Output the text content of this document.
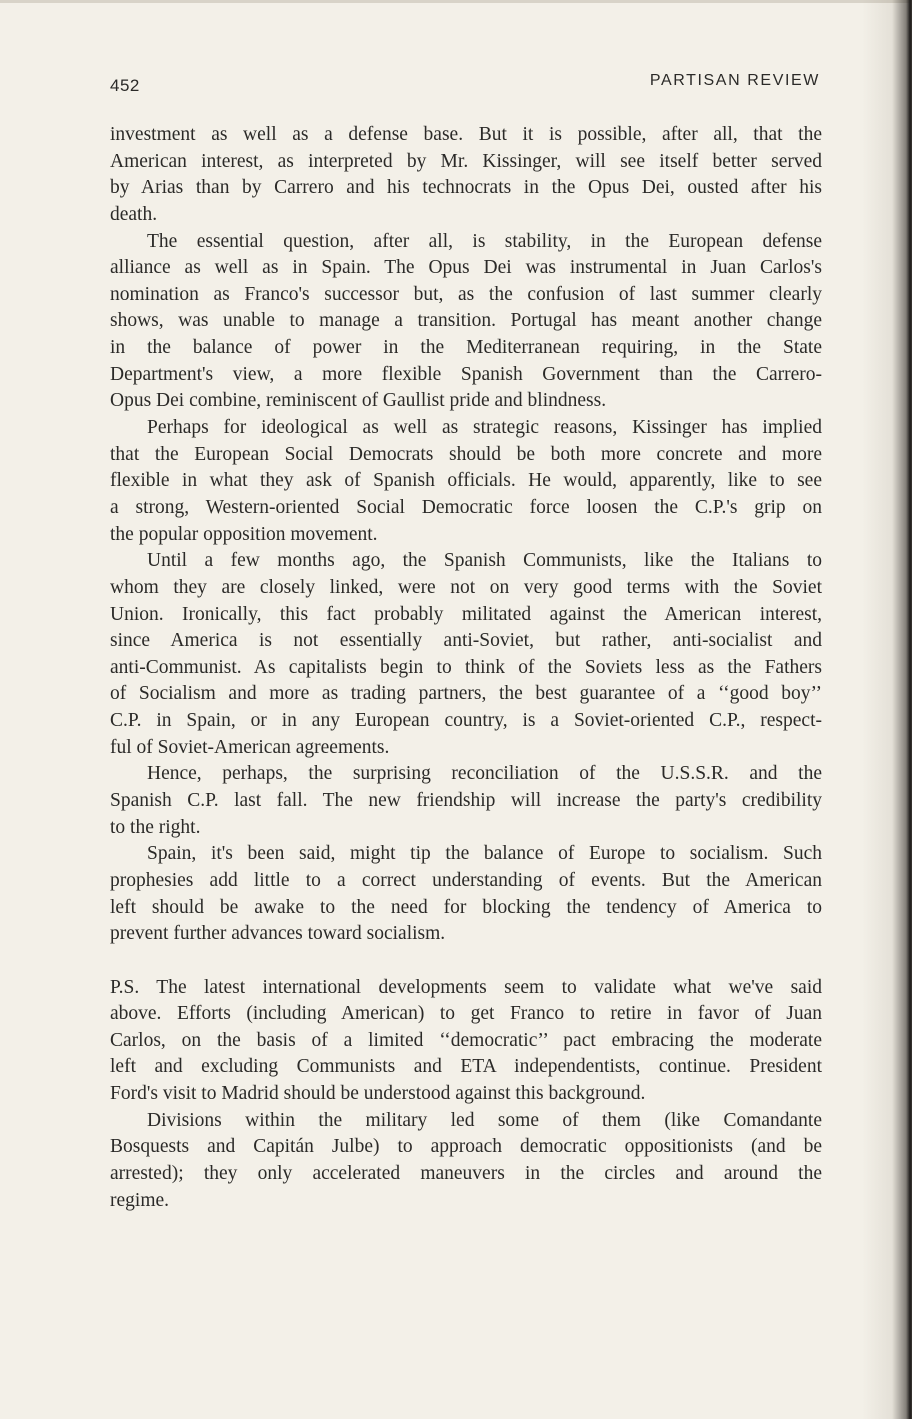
452	PARTISAN REVIEW

investment as well as a defense base. But it is possible, after all, that the
American interest, as interpreted by Mr. Kissinger, will see itself better served
by Arias than by Carrero and his technocrats in the Opus Dei, ousted after his
death.

The essential question, after all, is stability, in the European defense
alliance as well as in Spain. The Opus Dei was instrumental in Juan Carlos's
nomination as Franco's successor but, as the confusion of last summer clearly
shows, was unable to manage a transition. Portugal has meant another change
in the balance of power in the Mediterranean requiring, in the State
Department's view, a more flexible Spanish Government than the Carrero-
Opus Dei combine, reminiscent of Gaullist pride and blindness.

Perhaps for ideological as well as strategic reasons, Kissinger has implied
that the European Social Democrats should be both more concrete and more
flexible in what they ask of Spanish officials. He would, apparently, like to see
a strong, Western-oriented Social Democratic force loosen the C.P.'s grip on
the popular opposition movement.

Until a few months ago, the Spanish Communists, like the Italians to
whom they are closely linked, were not on very good terms with the Soviet
Union. Ironically, this fact probably militated against the American interest,
since America is not essentially anti-Soviet, but rather, anti-socialist and
anti-Communist. As capitalists begin to think of the Soviets less as the Fathers
of Socialism and more as trading partners, the best guarantee of a ‘‘good boy’’
C.P. in Spain, or in any European country, is a Soviet-oriented C.P., respect-
ful of Soviet-American agreements.

Hence, perhaps, the surprising reconciliation of the U.S.S.R. and the
Spanish C.P. last fall. The new friendship will increase the party's credibility
to the right.

Spain, it's been said, might tip the balance of Europe to socialism. Such
prophesies add little to a correct understanding of events. But the American
left should be awake to the need for blocking the tendency of America to
prevent further advances toward socialism.

P.S. The latest international developments seem to validate what we've said
above. Efforts (including American) to get Franco to retire in favor of Juan
Carlos, on the basis of a limited ‘‘democratic’’ pact embracing the moderate
left and excluding Communists and ETA independentists, continue. President
Ford's visit to Madrid should be understood against this background.

Divisions within the military led some of them (like Comandante
Bosquests and Capitán Julbe) to approach democratic oppositionists (and be
arrested); they only accelerated maneuvers in the circles and around the
regime.
